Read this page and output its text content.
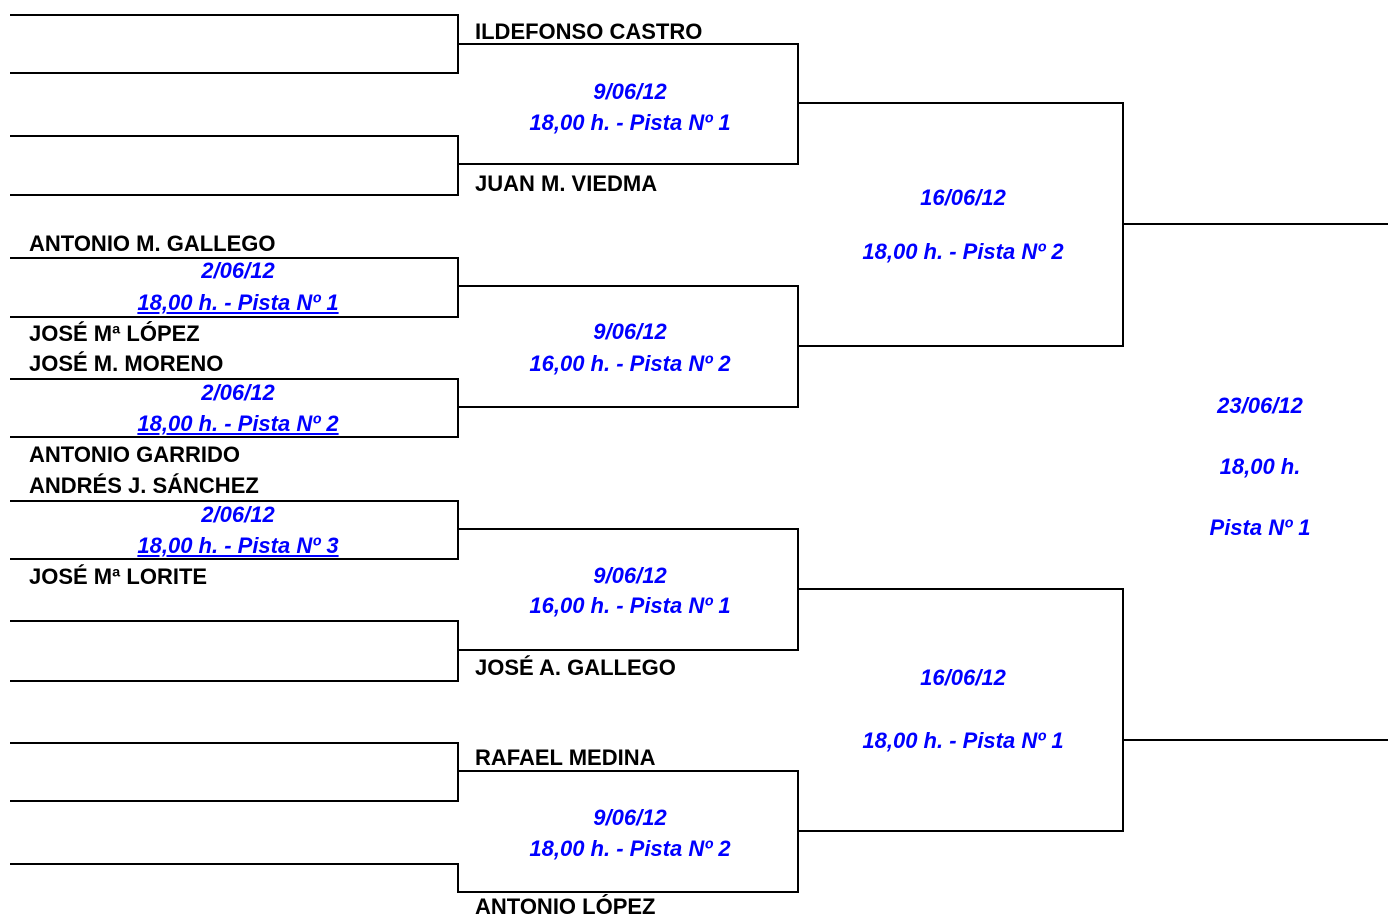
ILDEFONSO CASTRO
JUAN M. VIEDMA
ANTONIO M. GALLEGO
JOSÉ Mª LÓPEZ
JOSÉ M. MORENO
ANTONIO GARRIDO
ANDRÉS J. SÁNCHEZ
JOSÉ Mª LORITE
JOSÉ A. GALLEGO
RAFAEL MEDINA
ANTONIO LÓPEZ
2/06/12
18,00 h. - Pista Nº 1
2/06/12
18,00 h. - Pista Nº 2
2/06/12
18,00 h. - Pista Nº 3
9/06/12
18,00 h. - Pista Nº 1
9/06/12
16,00 h. - Pista Nº 2
9/06/12
16,00 h. - Pista Nº 1
9/06/12
18,00 h. - Pista Nº 2
16/06/12
18,00 h. - Pista Nº 2
16/06/12
18,00 h. - Pista Nº 1
23/06/12
18,00 h.
Pista Nº 1
